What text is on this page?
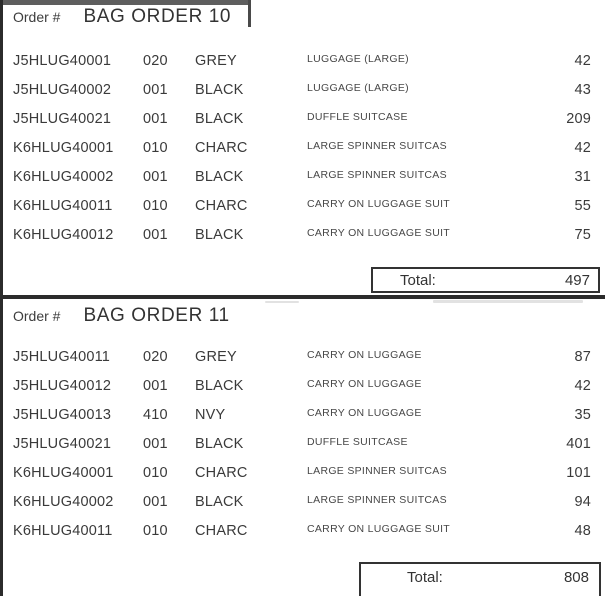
Order # BAG ORDER 10
J5HLUG40001	020	GREY	LUGGAGE (LARGE)	42
J5HLUG40002	001	BLACK	LUGGAGE (LARGE)	43
J5HLUG40021	001	BLACK	DUFFLE SUITCASE	209
K6HLUG40001	010	CHARC	LARGE SPINNER SUITCAS	42
K6HLUG40002	001	BLACK	LARGE SPINNER SUITCAS	31
K6HLUG40011	010	CHARC	CARRY ON LUGGAGE SUIT	55
K6HLUG40012	001	BLACK	CARRY ON LUGGAGE SUIT	75
Total:	497
Order # BAG ORDER 11
J5HLUG40011	020	GREY	CARRY ON LUGGAGE	87
J5HLUG40012	001	BLACK	CARRY ON LUGGAGE	42
J5HLUG40013	410	NVY	CARRY ON LUGGAGE	35
J5HLUG40021	001	BLACK	DUFFLE SUITCASE	401
K6HLUG40001	010	CHARC	LARGE SPINNER SUITCAS	101
K6HLUG40002	001	BLACK	LARGE SPINNER SUITCAS	94
K6HLUG40011	010	CHARC	CARRY ON LUGGAGE SUIT	48
Total:	808
